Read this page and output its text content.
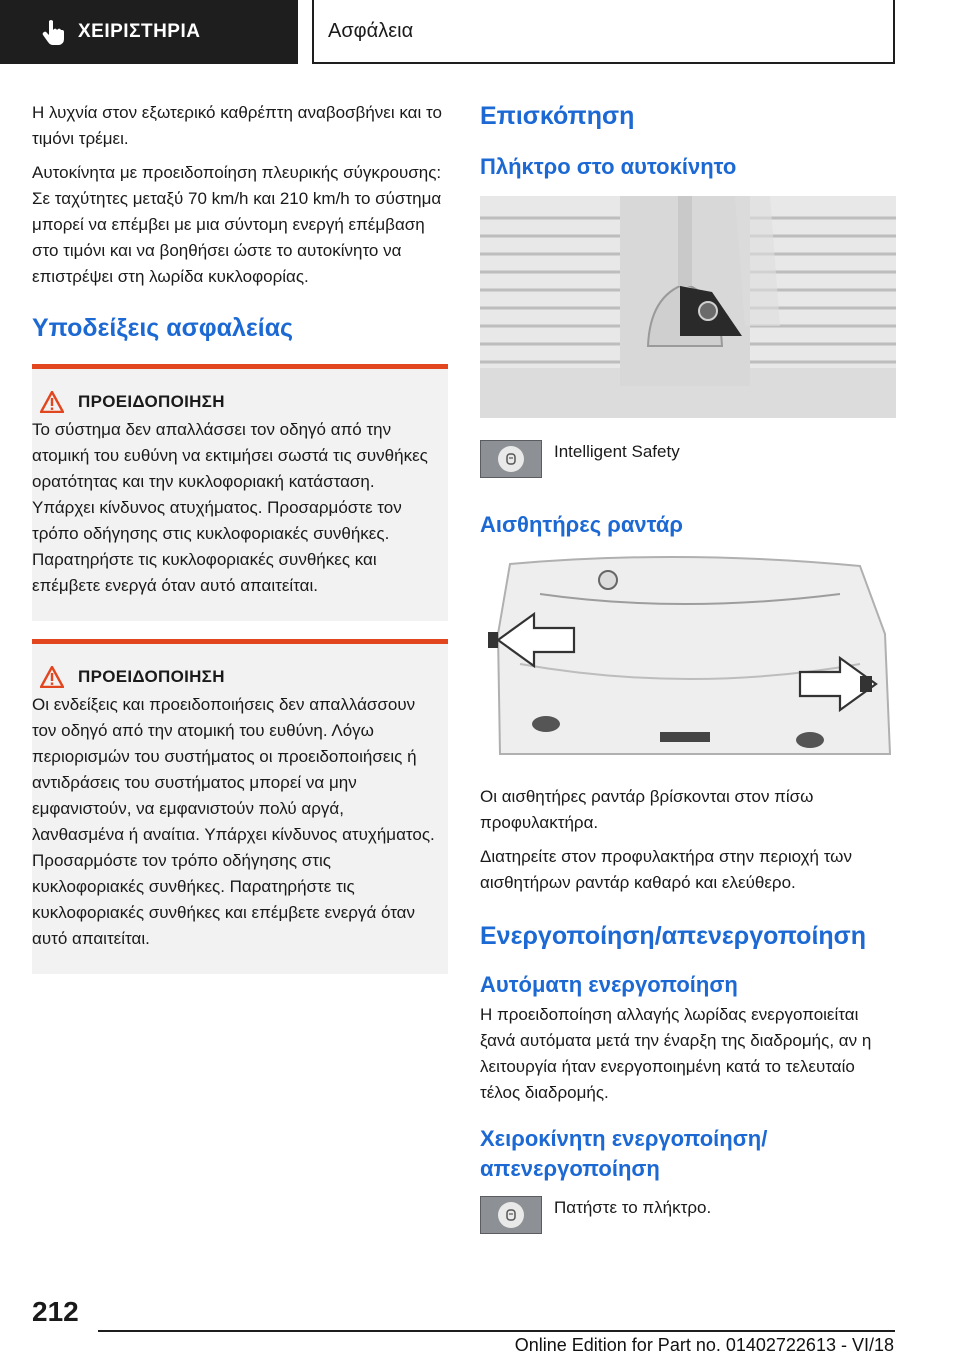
ΧΕΙΡΙΣΤΗΡΙΑ	Ασφάλεια

Η λυχνία στον εξωτερικό καθρέπτη αναβοσβήνει και το τιμόνι τρέμει.

Αυτοκίνητα με προειδοποίηση πλευρικής σύγκρουσης: Σε ταχύτητες μεταξύ 70 km/h και 210 km/h το σύστημα μπορεί να επέμβει με μια σύντομη ενεργή επέμβαση στο τιμόνι και να βοηθήσει ώστε το αυτοκίνητο να επιστρέψει στη λωρίδα κυκλοφορίας.

Υποδείξεις ασφαλείας
ΠΡΟΕΙΔΟΠΟΙΗΣΗ

Το σύστημα δεν απαλλάσσει τον οδηγό από την ατομική του ευθύνη να εκτιμήσει σωστά τις συνθήκες ορατότητας και την κυκλοφοριακή κατάσταση. Υπάρχει κίνδυνος ατυχήματος. Προσαρμόστε τον τρόπο οδήγησης στις κυκλοφοριακές συνθήκες. Παρατηρήστε τις κυκλοφοριακές συνθήκες και επέμβετε ενεργά όταν αυτό απαιτείται.

ΠΡΟΕΙΔΟΠΟΙΗΣΗ

Οι ενδείξεις και προειδοποιήσεις δεν απαλλάσσουν τον οδηγό από την ατομική του ευθύνη. Λόγω περιορισμών του συστήματος οι προειδοποιήσεις ή αντιδράσεις του συστήματος μπορεί να μην εμφανιστούν, να εμφανιστούν πολύ αργά, λανθασμένα ή αναίτια. Υπάρχει κίνδυνος ατυχήματος. Προσαρμόστε τον τρόπο οδήγησης στις κυκλοφοριακές συνθήκες. Παρατηρήστε τις κυκλοφοριακές συνθήκες και επέμβετε ενεργά όταν αυτό απαιτείται.

Επισκόπηση
Πλήκτρο στο αυτοκίνητο
Intelligent Safety
Αισθητήρες ραντάρ

Οι αισθητήρες ραντάρ βρίσκονται στον πίσω προφυλακτήρα.

Διατηρείτε στον προφυλακτήρα στην περιοχή των αισθητήρων ραντάρ καθαρό και ελεύθερο.

Ενεργοποίηση/απενεργοποίηση
Αυτόματη ενεργοποίηση

Η προειδοποίηση αλλαγής λωρίδας ενεργοποιείται ξανά αυτόματα μετά την έναρξη της διαδρομής, αν η λειτουργία ήταν ενεργοποιημένη κατά το τελευταίο τέλος διαδρομής.

Χειροκίνητη ενεργοποίηση/απενεργοποίηση
Πατήστε το πλήκτρο.
212
Online Edition for Part no. 01402722613 - VI/18
